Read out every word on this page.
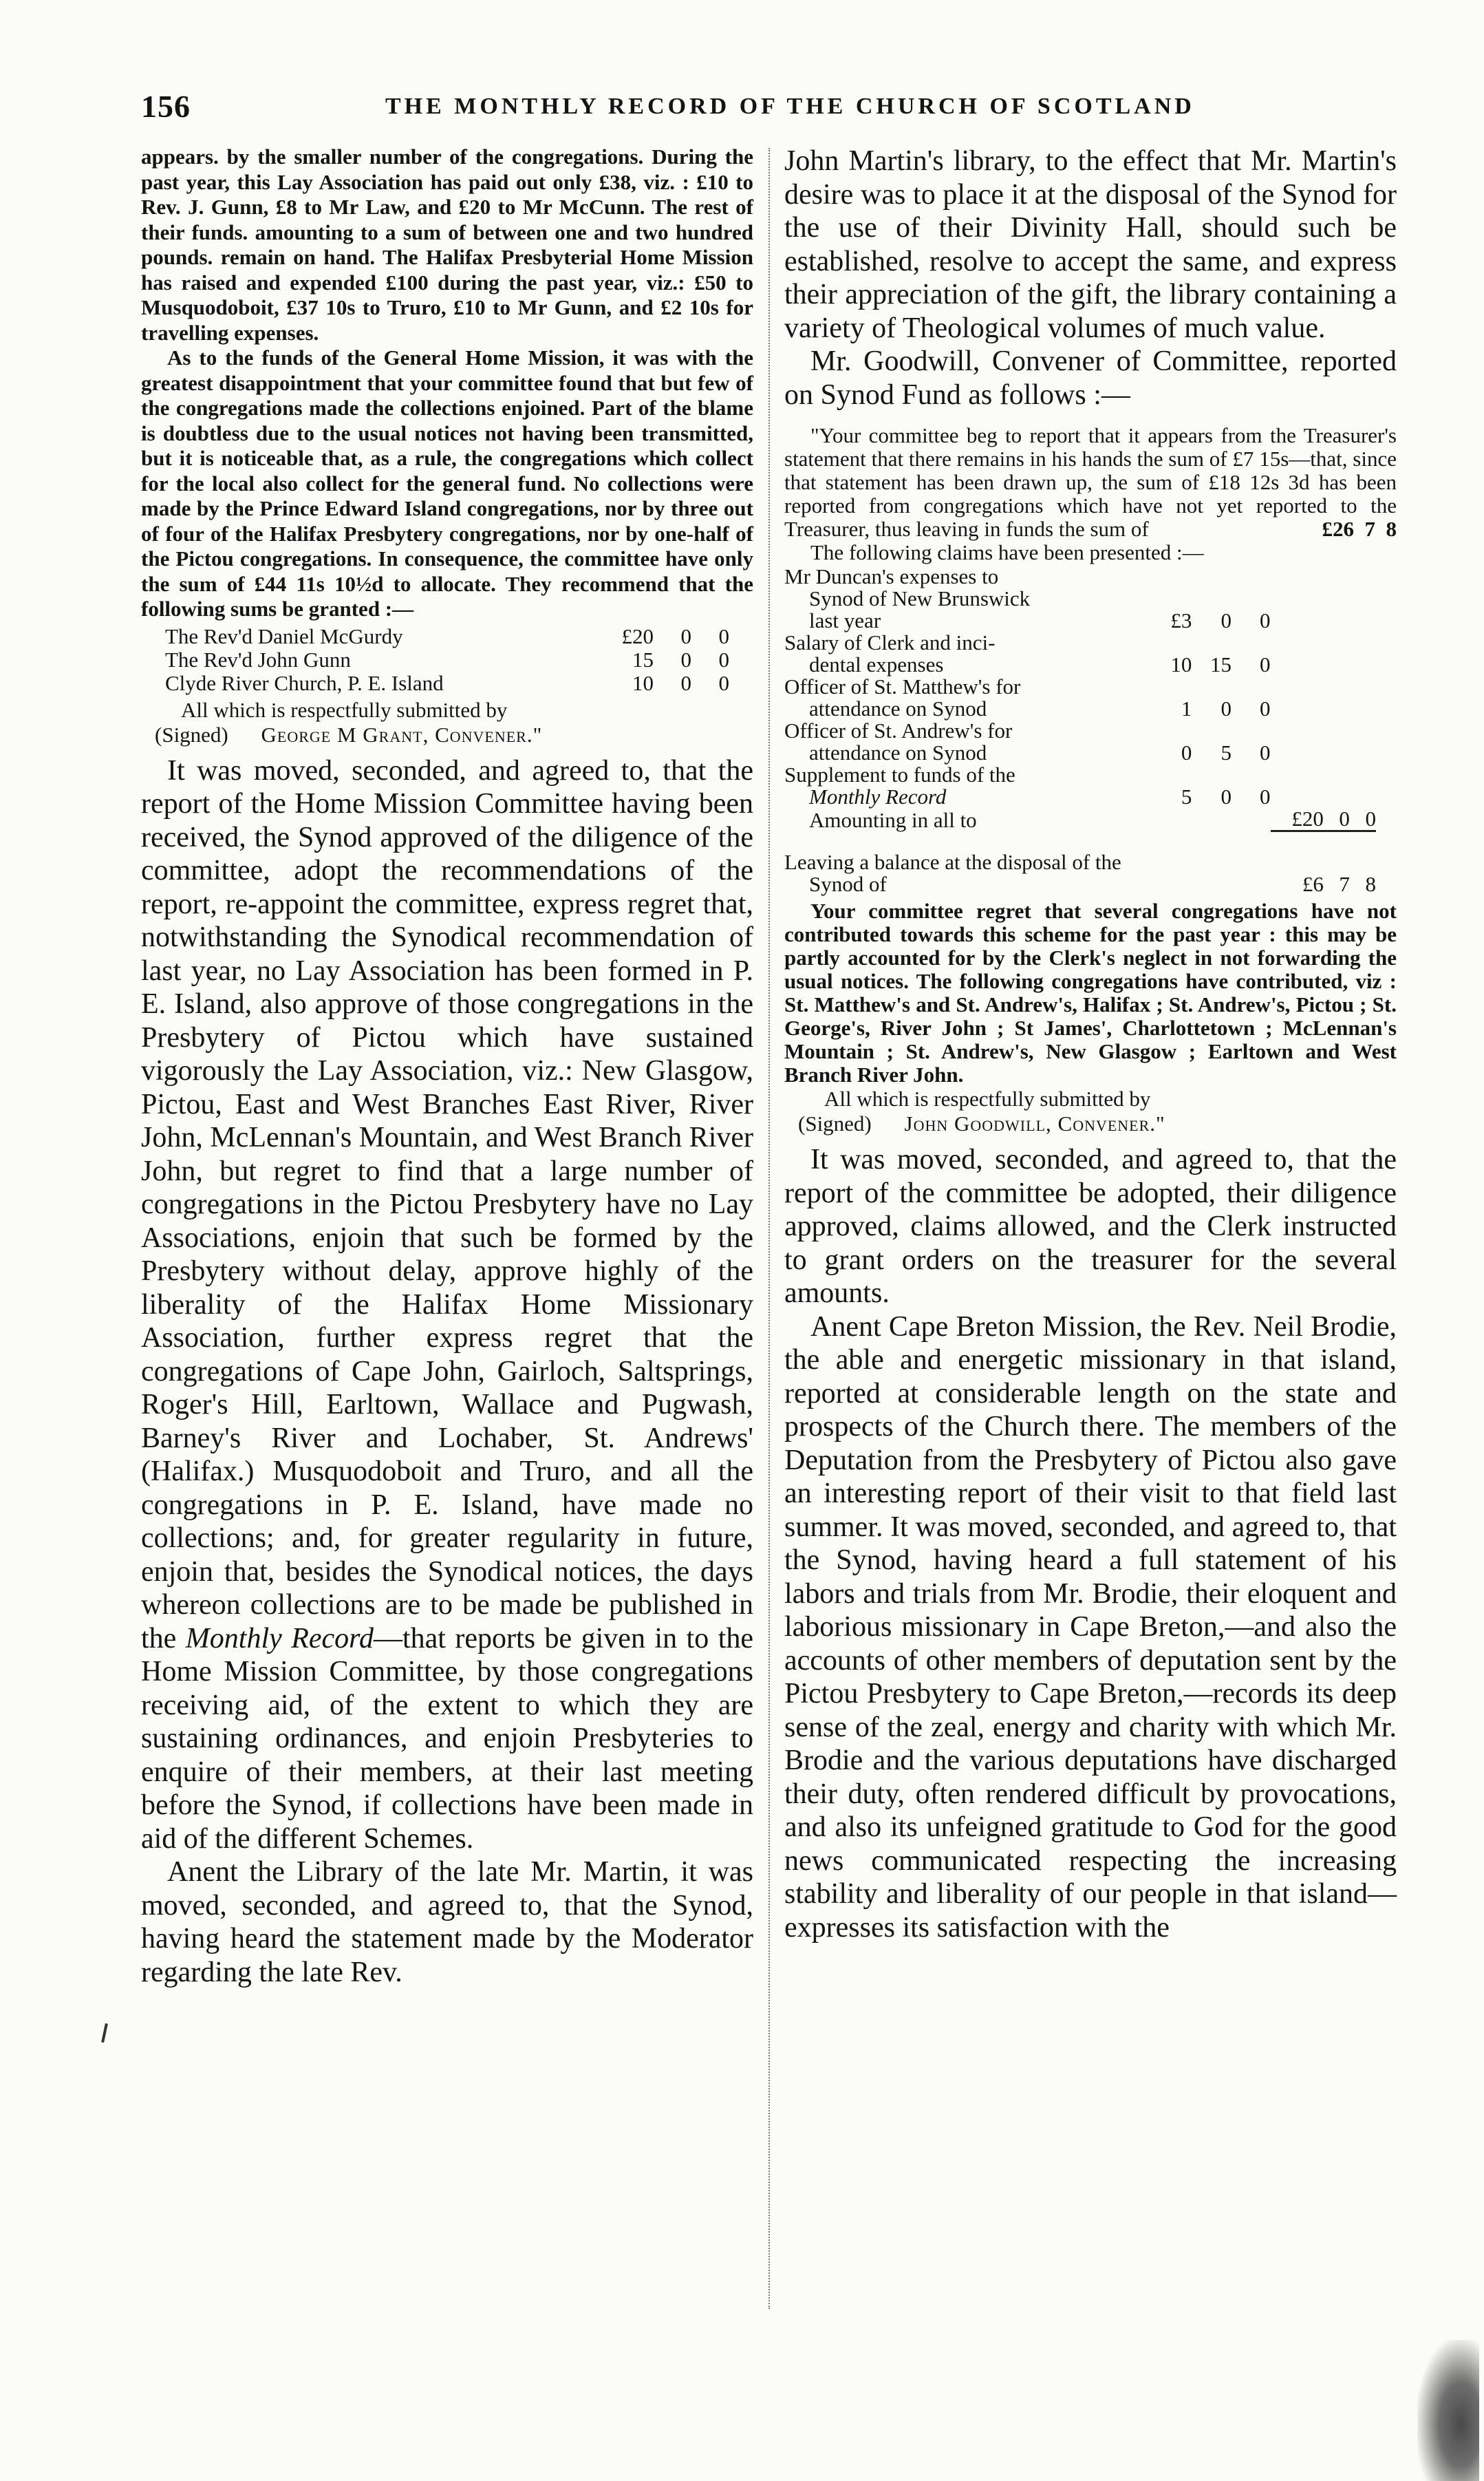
156	THE MONTHLY RECORD OF THE CHURCH OF SCOTLAND

appears. by the smaller number of the congregations. During the past year, this Lay Association has paid out only £38, viz. : £10 to Rev. J. Gunn, £8 to Mr Law, and £20 to Mr McCunn. The rest of their funds. amounting to a sum of between one and two hundred pounds. remain on hand. The Halifax Presbyterial Home Mission has raised and expended £100 during the past year, viz.: £50 to Musquodoboit, £37 10s to Truro, £10 to Mr Gunn, and £2 10s for travelling expenses.

As to the funds of the General Home Mission, it was with the greatest disappointment that your committee found that but few of the congregations made the collections enjoined. Part of the blame is doubtless due to the usual notices not having been transmitted, but it is noticeable that, as a rule, the congregations which collect for the local also collect for the general fund. No collections were made by the Prince Edward Island congregations, nor by three out of four of the Halifax Presbytery congregations, nor by one-half of the Pictou congregations. In consequence, the committee have only the sum of £44 11s 10½d to allocate. They recommend that the following sums be granted :—

The Rev'd Daniel McGurdy	£20	0	0
The Rev'd John Gunn	15	0	0
Clyde River Church, P. E. Island	10	0	0

All which is respectfully submitted by

(Signed) George M Grant, Convener."

It was moved, seconded, and agreed to, that the report of the Home Mission Committee having been received, the Synod approved of the diligence of the committee, adopt the recommendations of the report, re-appoint the committee, express regret that, notwithstanding the Synodical recommendation of last year, no Lay Association has been formed in P. E. Island, also approve of those congregations in the Presbytery of Pictou which have sustained vigorously the Lay Association, viz.: New Glasgow, Pictou, East and West Branches East River, River John, McLennan's Mountain, and West Branch River John, but regret to find that a large number of congregations in the Pictou Presbytery have no Lay Associations, enjoin that such be formed by the Presbytery without delay, approve highly of the liberality of the Halifax Home Missionary Association, further express regret that the congregations of Cape John, Gairloch, Saltsprings, Roger's Hill, Earltown, Wallace and Pugwash, Barney's River and Lochaber, St. Andrews' (Halifax.) Musquodoboit and Truro, and all the congregations in P. E. Island, have made no collections; and, for greater regularity in future, enjoin that, besides the Synodical notices, the days whereon collections are to be made be published in the Monthly Record—that reports be given in to the Home Mission Committee, by those congregations receiving aid, of the extent to which they are sustaining ordinances, and enjoin Presbyteries to enquire of their members, at their last meeting before the Synod, if collections have been made in aid of the different Schemes.

Anent the Library of the late Mr. Martin, it was moved, seconded, and agreed to, that the Synod, having heard the statement made by the Moderator regarding the late Rev.

John Martin's library, to the effect that Mr. Martin's desire was to place it at the disposal of the Synod for the use of their Divinity Hall, should such be established, resolve to accept the same, and express their appreciation of the gift, the library containing a variety of Theological volumes of much value.

Mr. Goodwill, Convener of Committee, reported on Synod Fund as follows :—

"Your committee beg to report that it appears from the Treasurer's statement that there remains in his hands the sum of £7 15s—that, since that statement has been drawn up, the sum of £18 12s 3d has been reported from congregations which have not yet reported to the Treasurer, thus leaving in funds the sum of	£26 7 8

The following claims have been presented :—

Mr Duncan's expenses to						
Synod of New Brunswick						
last year	£3	0	0			
Salary of Clerk and inci-						
dental expenses	10	15	0			
Officer of St. Matthew's for						
attendance on Synod	1	0	0			
Officer of St. Andrew's for						
attendance on Synod	0	5	0			
Supplement to funds of the						
Monthly Record	5	0	0			
Amounting in all to				£20	0	0

Leaving a balance at the disposal of the						
Synod of				£6	7	8

Your committee regret that several congregations have not contributed towards this scheme for the past year : this may be partly accounted for by the Clerk's neglect in not forwarding the usual notices. The following congregations have contributed, viz : St. Matthew's and St. Andrew's, Halifax ; St. Andrew's, Pictou ; St. George's, River John ; St James', Charlottetown ; McLennan's Mountain ; St. Andrew's, New Glasgow ; Earltown and West Branch River John.

All which is respectfully submitted by

(Signed) John Goodwill, Convener."

It was moved, seconded, and agreed to, that the report of the committee be adopted, their diligence approved, claims allowed, and the Clerk instructed to grant orders on the treasurer for the several amounts.

Anent Cape Breton Mission, the Rev. Neil Brodie, the able and energetic missionary in that island, reported at considerable length on the state and prospects of the Church there. The members of the Deputation from the Presbytery of Pictou also gave an interesting report of their visit to that field last summer. It was moved, seconded, and agreed to, that the Synod, having heard a full statement of his labors and trials from Mr. Brodie, their eloquent and laborious missionary in Cape Breton,—and also the accounts of other members of deputation sent by the Pictou Presbytery to Cape Breton,—records its deep sense of the zeal, energy and charity with which Mr. Brodie and the various deputations have discharged their duty, often rendered difficult by provocations, and also its unfeigned gratitude to God for the good news communicated respecting the increasing stability and liberality of our people in that island—expresses its satisfaction with the
